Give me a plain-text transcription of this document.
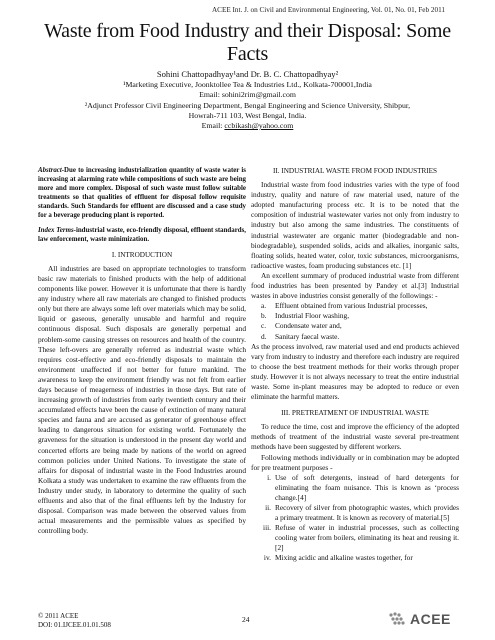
ACEE Int. J. on Civil and Environmental Engineering, Vol. 01, No. 01, Feb 2011
Waste from Food Industry and their Disposal: Some Facts

Sohini Chattopadhyay¹and Dr. B. C. Chattopadhyay²

¹Marketing Executive, Joonktollee Tea & Industries Ltd., Kolkata-700001,India

Email: sohini2rim@gmail.com

²Adjunct Professor Civil Engineering Department, Bengal Engineering and Science University, Shibpur,

Howrah-711 103, West Bengal, India.

Email: ccbikash@yahoo.com

Abstract-Due to increasing industrialization quantity of waste water is increasing at alarming rate while compositions of such waste are being more and more complex. Disposal of such waste must follow suitable treatments so that qualities of effluent for disposal follow requisite standards. Such Standards for effluent are discussed and a case study for a beverage producing plant is reported.

Index Terms-industrial waste, eco-friendly disposal, effluent standards, law enforcement, waste minimization.

I. INTRODUCTION

All industries are based on appropriate technologies to transform basic raw materials to finished products with the help of additional components like power. However it is unfortunate that there is hardly any industry where all raw materials are changed to finished products only but there are always some left over materials which may be solid, liquid or gaseous, generally unusable and harmful and require continuous disposal. Such disposals are generally perpetual and problem-some causing stresses on resources and health of the country. These left-overs are generally referred as industrial waste which requires cost-effective and eco-friendly disposals to maintain the environment unaffected if not better for future mankind. The awareness to keep the environment friendly was not felt from earlier days because of meagerness of industries in those days. But rate of increasing growth of industries from early twentieth century and their accumulated effects have been the cause of extinction of many natural species and fauna and are accused as generator of greenhouse effect leading to dangerous situation for existing world. Fortunately the graveness for the situation is understood in the present day world and concerted efforts are being made by nations of the world on agreed common policies under United Nations. To investigate the state of affairs for disposal of industrial waste in the Food Industries around Kolkata a study was undertaken to examine the raw effluents from the Industry under study, in laboratory to determine the quality of such effluents and also that of the final effluents left by the Industry for disposal. Comparison was made between the observed values from actual measurements and the permissible values as specified by controlling body.

II. INDUSTRIAL WASTE FROM FOOD INDUSTRIES

Industrial waste from food industries varies with the type of food industry, quality and nature of raw material used, nature of the adopted manufacturing process etc. It is to be noted that the composition of industrial wastewater varies not only from industry to industry but also among the same industries. The constituents of industrial wastewater are organic matter (biodegradable and non-biodegradable), suspended solids, acids and alkalies, inorganic salts, floating solids, heated water, color, toxic substances, microorganisms, radioactive wastes, foam producing substances etc. [1]

An excellent summary of produced industrial waste from different food industries has been presented by Pandey et al.[3] Industrial wastes in above industries consist generally of the followings: -

a. Effluent obtained from various Industrial processes,
b. Industrial Floor washing,
c. Condensate water and,
d. Sanitary faecal waste.

As the process involved, raw material used and end products achieved vary from industry to industry and therefore each industry are required to choose the best treatment methods for their works through proper study. However it is not always necessary to treat the entire industrial waste. Some in-plant measures may be adopted to reduce or even eliminate the harmful matters.

III. PRETREATMENT OF INDUSTRIAL WASTE

To reduce the time, cost and improve the efficiency of the adopted methods of treatment of the industrial waste several pre-treatment methods have been suggested by different workers.

Following methods individually or in combination may be adopted for pre treatment purposes -

i. Use of soft detergents, instead of hard detergents for eliminating the foam nuisance. This is known as ‘process change.[4]
ii. Recovery of silver from photographic wastes, which provides a primary treatment. It is known as recovery of material.[5]
iii. Refuse of water in industrial processes, such as collecting cooling water from boilers, eliminating its heat and reusing it.[2]
iv. Mixing acidic and alkaline wastes together, for

© 2011 ACEE

DOI: 01.IJCEE.01.01.508

24	ACEE
